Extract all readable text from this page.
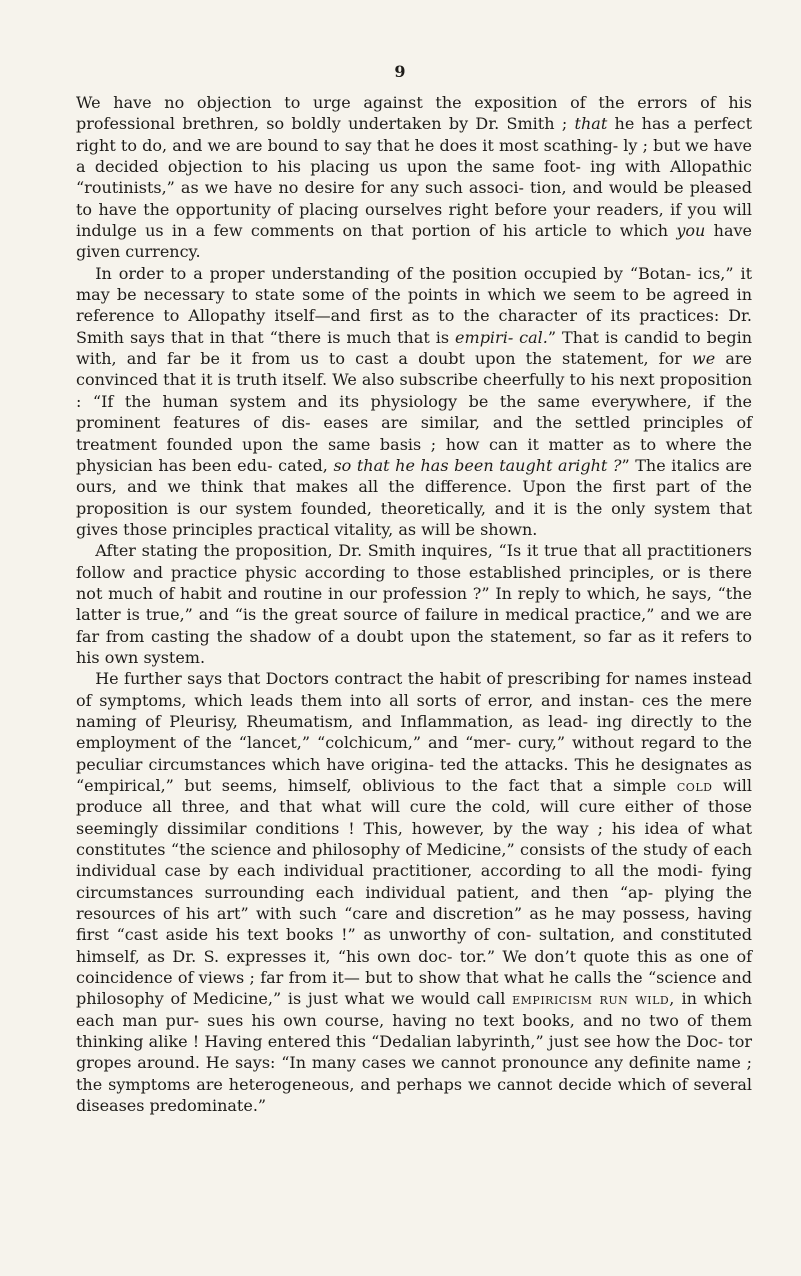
9

We have no objection to urge against the exposition of the errors of his professional brethren, so boldly undertaken by Dr. Smith ; that he has a perfect right to do, and we are bound to say that he does it most scathing- ly ; but we have a decided objection to his placing us upon the same foot- ing with Allopathic “routinists,” as we have no desire for any such associ- tion, and would be pleased to have the opportunity of placing ourselves right before your readers, if you will indulge us in a few comments on that portion of his article to which you have given currency.

In order to a proper understanding of the position occupied by “Botan- ics,” it may be necessary to state some of the points in which we seem to be agreed in reference to Allopathy itself—and first as to the character of its practices: Dr. Smith says that in that “there is much that is empiri- cal.” That is candid to begin with, and far be it from us to cast a doubt upon the statement, for we are convinced that it is truth itself. We also subscribe cheerfully to his next proposition : “If the human system and its physiology be the same everywhere, if the prominent features of dis- eases are similar, and the settled principles of treatment founded upon the same basis ; how can it matter as to where the physician has been edu- cated, so that he has been taught aright ?” The italics are ours, and we think that makes all the difference. Upon the first part of the proposition is our system founded, theoretically, and it is the only system that gives those principles practical vitality, as will be shown.

After stating the proposition, Dr. Smith inquires, “Is it true that all practitioners follow and practice physic according to those established principles, or is there not much of habit and routine in our profession ?” In reply to which, he says, “the latter is true,” and “is the great source of failure in medical practice,” and we are far from casting the shadow of a doubt upon the statement, so far as it refers to his own system.

He further says that Doctors contract the habit of prescribing for names instead of symptoms, which leads them into all sorts of error, and instan- ces the mere naming of Pleurisy, Rheumatism, and Inflammation, as lead- ing directly to the employment of the “lancet,” “colchicum,” and “mer- cury,” without regard to the peculiar circumstances which have origina- ted the attacks. This he designates as “empirical,” but seems, himself, oblivious to the fact that a simple cold will produce all three, and that what will cure the cold, will cure either of those seemingly dissimilar conditions ! This, however, by the way ; his idea of what constitutes “the science and philosophy of Medicine,” consists of the study of each individual case by each individual practitioner, according to all the modi- fying circumstances surrounding each individual patient, and then “ap- plying the resources of his art” with such “care and discretion” as he may possess, having first “cast aside his text books !” as unworthy of con- sultation, and constituted himself, as Dr. S. expresses it, “his own doc- tor.” We don’t quote this as one of coincidence of views ; far from it— but to show that what he calls the “science and philosophy of Medicine,” is just what we would call empiricism run wild, in which each man pur- sues his own course, having no text books, and no two of them thinking alike ! Having entered this “Dedalian labyrinth,” just see how the Doc- tor gropes around. He says: “In many cases we cannot pronounce any definite name ; the symptoms are heterogeneous, and perhaps we cannot decide which of several diseases predominate.”
